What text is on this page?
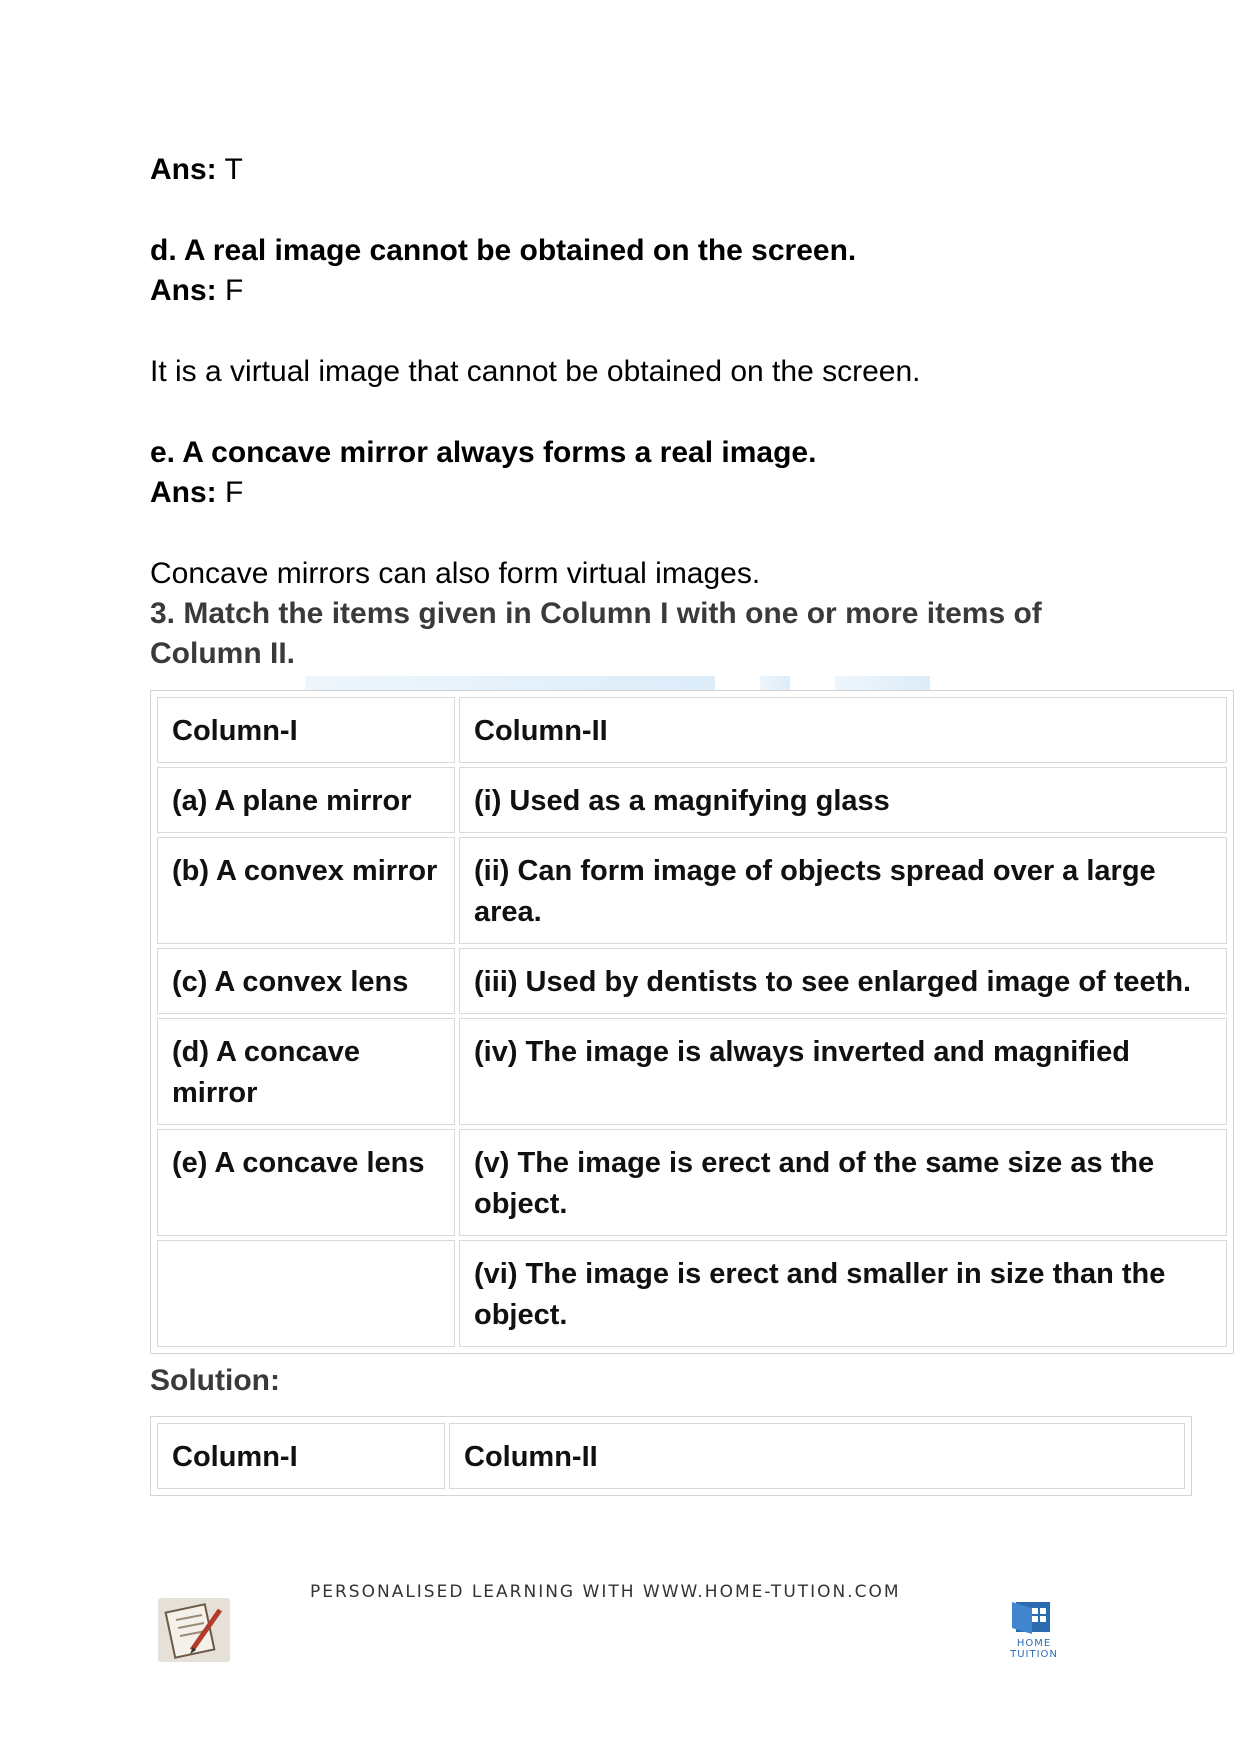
Ans: T
d. A real image cannot be obtained on the screen.
Ans: F
It is a virtual image that cannot be obtained on the screen.
e. A concave mirror always forms a real image.
Ans: F
Concave mirrors can also form virtual images.
3. Match the items given in Column I with one or more items of
Column II.
Column-I	Column-II
(a) A plane mirror	(i) Used as a magnifying glass
(b) A convex mirror	(ii) Can form image of objects spread over a large area.
(c) A convex lens	(iii) Used by dentists to see enlarged image of teeth.
(d) A concave mirror	(iv) The image is always inverted and magnified
(e) A concave lens	(v) The image is erect and of the same size as the object.
	(vi) The image is erect and smaller in size than the object.
Solution:
Column-I	Column-II
PERSONALISED LEARNING WITH WWW.HOME-TUTION.COM
HOME TUITION
